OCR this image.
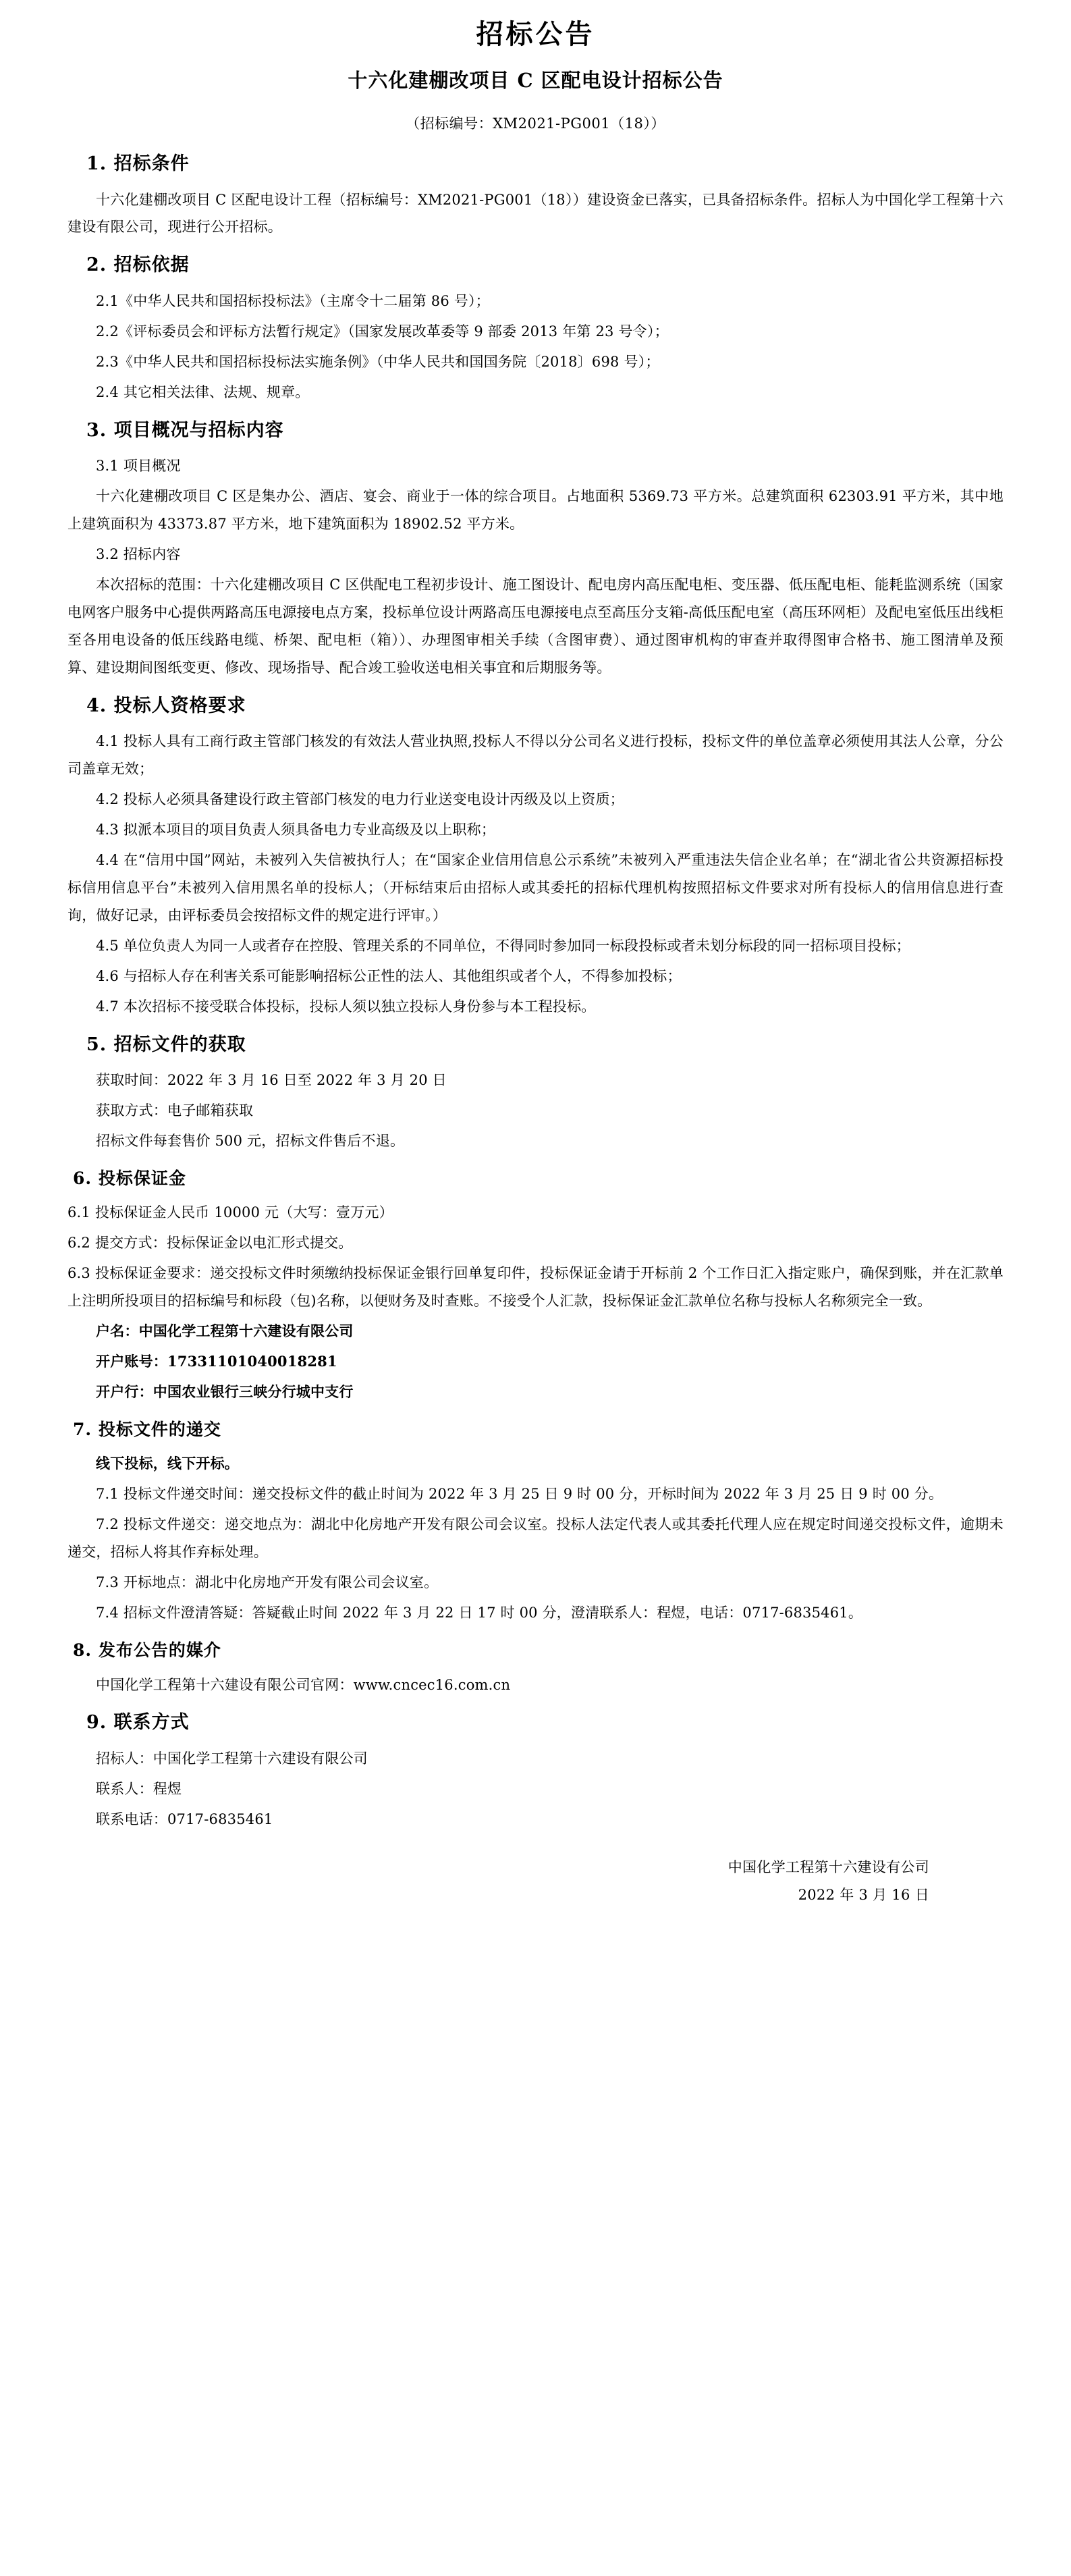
招标公告
十六化建棚改项目 C 区配电设计招标公告
（招标编号：XM2021-PG001（18））
1. 招标条件

十六化建棚改项目 C 区配电设计工程（招标编号：XM2021-PG001（18））建设资金已落实，已具备招标条件。招标人为中国化学工程第十六建设有限公司，现进行公开招标。

2. 招标依据

2.1《中华人民共和国招标投标法》（主席令十二届第 86 号）；

2.2《评标委员会和评标方法暂行规定》（国家发展改革委等 9 部委 2013 年第 23 号令）；

2.3《中华人民共和国招标投标法实施条例》（中华人民共和国国务院〔2018〕698 号）；

2.4 其它相关法律、法规、规章。

3. 项目概况与招标内容

3.1 项目概况

十六化建棚改项目 C 区是集办公、酒店、宴会、商业于一体的综合项目。占地面积 5369.73 平方米。总建筑面积 62303.91 平方米，其中地上建筑面积为 43373.87 平方米，地下建筑面积为 18902.52 平方米。

3.2 招标内容

本次招标的范围：十六化建棚改项目 C 区供配电工程初步设计、施工图设计、配电房内高压配电柜、变压器、低压配电柜、能耗监测系统（国家电网客户服务中心提供两路高压电源接电点方案，投标单位设计两路高压电源接电点至高压分支箱-高低压配电室（高压环网柜）及配电室低压出线柜至各用电设备的低压线路电缆、桥架、配电柜（箱））、办理图审相关手续（含图审费）、通过图审机构的审查并取得图审合格书、施工图清单及预算、建设期间图纸变更、修改、现场指导、配合竣工验收送电相关事宜和后期服务等。

4. 投标人资格要求

4.1 投标人具有工商行政主管部门核发的有效法人营业执照,投标人不得以分公司名义进行投标，投标文件的单位盖章必须使用其法人公章，分公司盖章无效；

4.2 投标人必须具备建设行政主管部门核发的电力行业送变电设计丙级及以上资质；

4.3 拟派本项目的项目负责人须具备电力专业高级及以上职称；

4.4 在“信用中国”网站，未被列入失信被执行人；在“国家企业信用信息公示系统”未被列入严重违法失信企业名单；在“湖北省公共资源招标投标信用信息平台”未被列入信用黑名单的投标人；（开标结束后由招标人或其委托的招标代理机构按照招标文件要求对所有投标人的信用信息进行查询，做好记录，由评标委员会按招标文件的规定进行评审。）

4.5 单位负责人为同一人或者存在控股、管理关系的不同单位，不得同时参加同一标段投标或者未划分标段的同一招标项目投标；

4.6 与招标人存在利害关系可能影响招标公正性的法人、其他组织或者个人，不得参加投标；

4.7 本次招标不接受联合体投标，投标人须以独立投标人身份参与本工程投标。

5. 招标文件的获取

获取时间：2022 年 3 月 16 日至 2022 年 3 月 20 日

获取方式：电子邮箱获取

招标文件每套售价 500 元，招标文件售后不退。

6. 投标保证金

6.1 投标保证金人民币 10000 元（大写：壹万元）

6.2 提交方式：投标保证金以电汇形式提交。

6.3 投标保证金要求：递交投标文件时须缴纳投标保证金银行回单复印件，投标保证金请于开标前 2 个工作日汇入指定账户，确保到账，并在汇款单上注明所投项目的招标编号和标段（包)名称，以便财务及时查账。不接受个人汇款，投标保证金汇款单位名称与投标人名称须完全一致。

户名：中国化学工程第十六建设有限公司

开户账号：17331101040018281

开户行：中国农业银行三峡分行城中支行

7. 投标文件的递交

线下投标，线下开标。

7.1 投标文件递交时间：递交投标文件的截止时间为 2022 年 3 月 25 日 9 时 00 分，开标时间为 2022 年 3 月 25 日 9 时 00 分。

7.2 投标文件递交：递交地点为：湖北中化房地产开发有限公司会议室。投标人法定代表人或其委托代理人应在规定时间递交投标文件，逾期未递交，招标人将其作弃标处理。

7.3 开标地点：湖北中化房地产开发有限公司会议室。

7.4 招标文件澄清答疑：答疑截止时间 2022 年 3 月 22 日 17 时 00 分，澄清联系人：程煜，电话：0717-6835461。

8. 发布公告的媒介

中国化学工程第十六建设有限公司官网：www.cncec16.com.cn

9. 联系方式

招标人：中国化学工程第十六建设有限公司

联系人：程煜

联系电话：0717-6835461

中国化学工程第十六建设有公司
2022 年 3 月 16 日
